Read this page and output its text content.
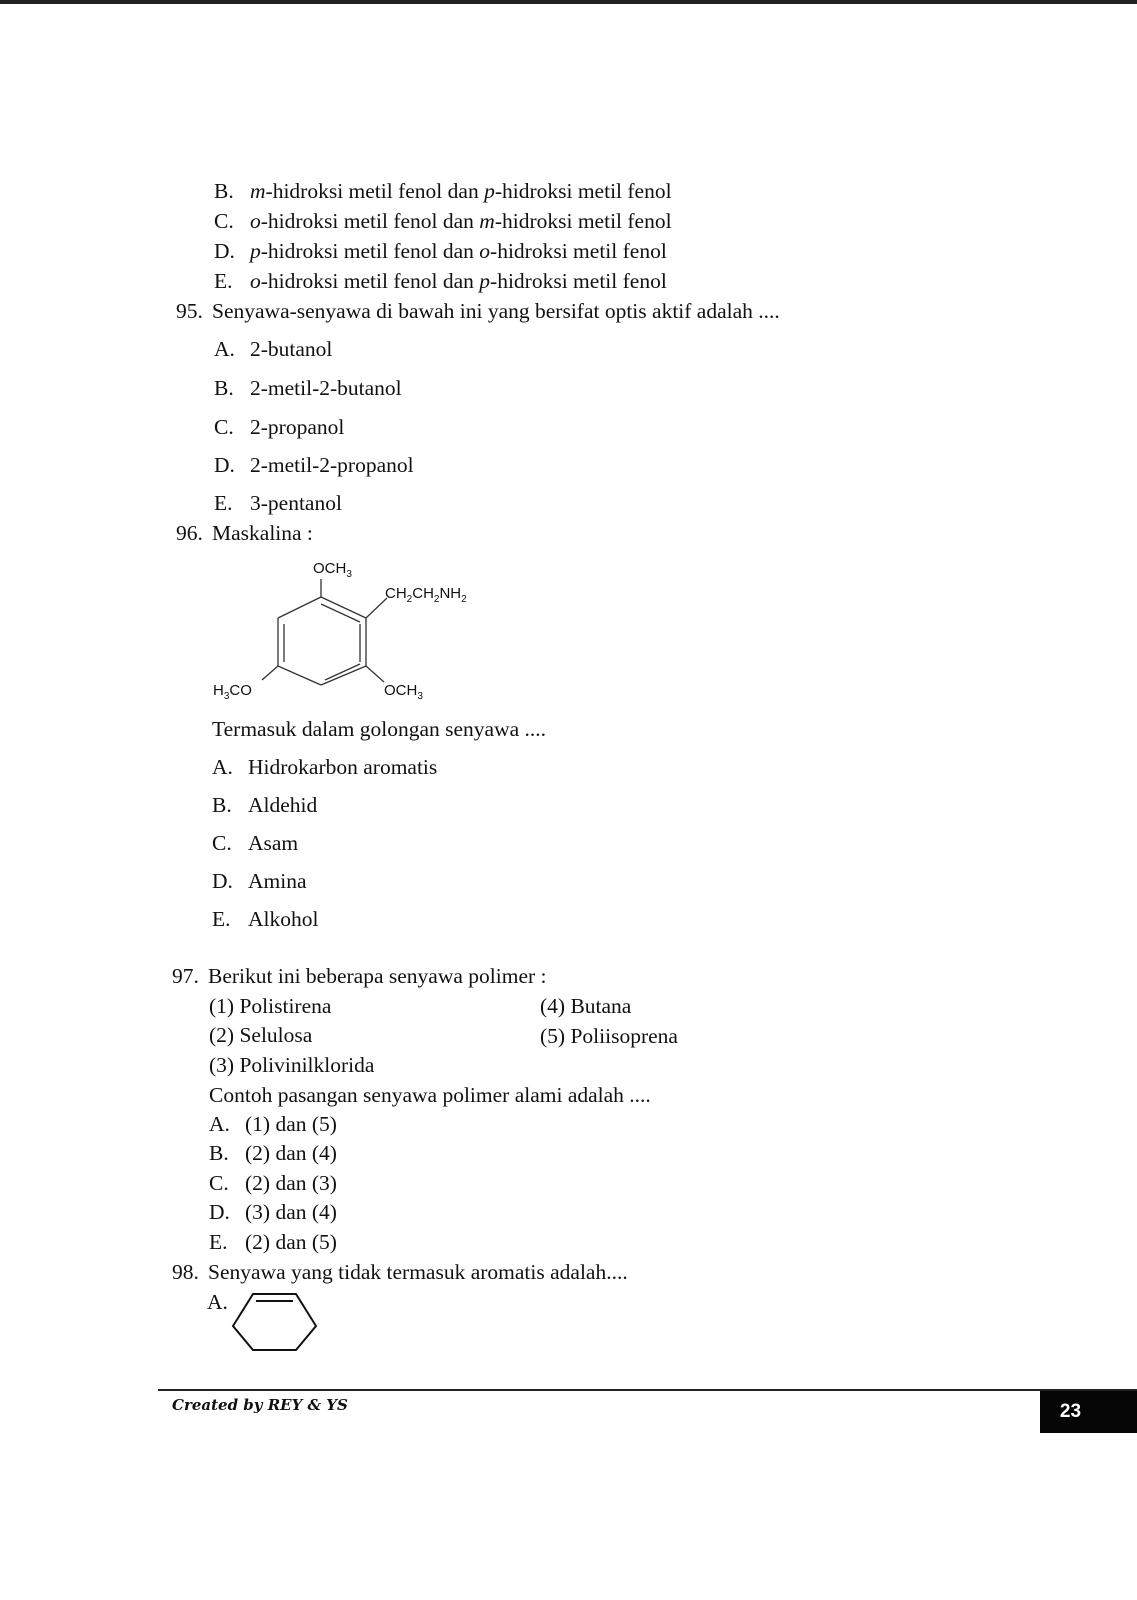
B. m-hidroksi metil fenol dan p-hidroksi metil fenol
C. o-hidroksi metil fenol dan m-hidroksi metil fenol
D. p-hidroksi metil fenol dan o-hidroksi metil fenol
E. o-hidroksi metil fenol dan p-hidroksi metil fenol
95. Senyawa-senyawa di bawah ini yang bersifat optis aktif adalah ....
A. 2-butanol
B. 2-metil-2-butanol
C. 2-propanol
D. 2-metil-2-propanol
E. 3-pentanol
96. Maskalina :
$OCH_3$
$CH_2CH_2NH_2$
$H_3CO$	$OCH_3$
Termasuk dalam golongan senyawa ....
A. Hidrokarbon aromatis
B. Aldehid
C. Asam
D. Amina
E. Alkohol
97. Berikut ini beberapa senyawa polimer :
(1) Polistirena
(2) Selulosa
(3) Polivinilklorida
(4) Butana
(5) Poliisoprena
Contoh pasangan senyawa polimer alami adalah ....
A. (1) dan (5)
B. (2) dan (4)
C. (2) dan (3)
D. (3) dan (4)
E. (2) dan (5)
98. Senyawa yang tidak termasuk aromatis adalah....
A.
Created by REY & YS	23
